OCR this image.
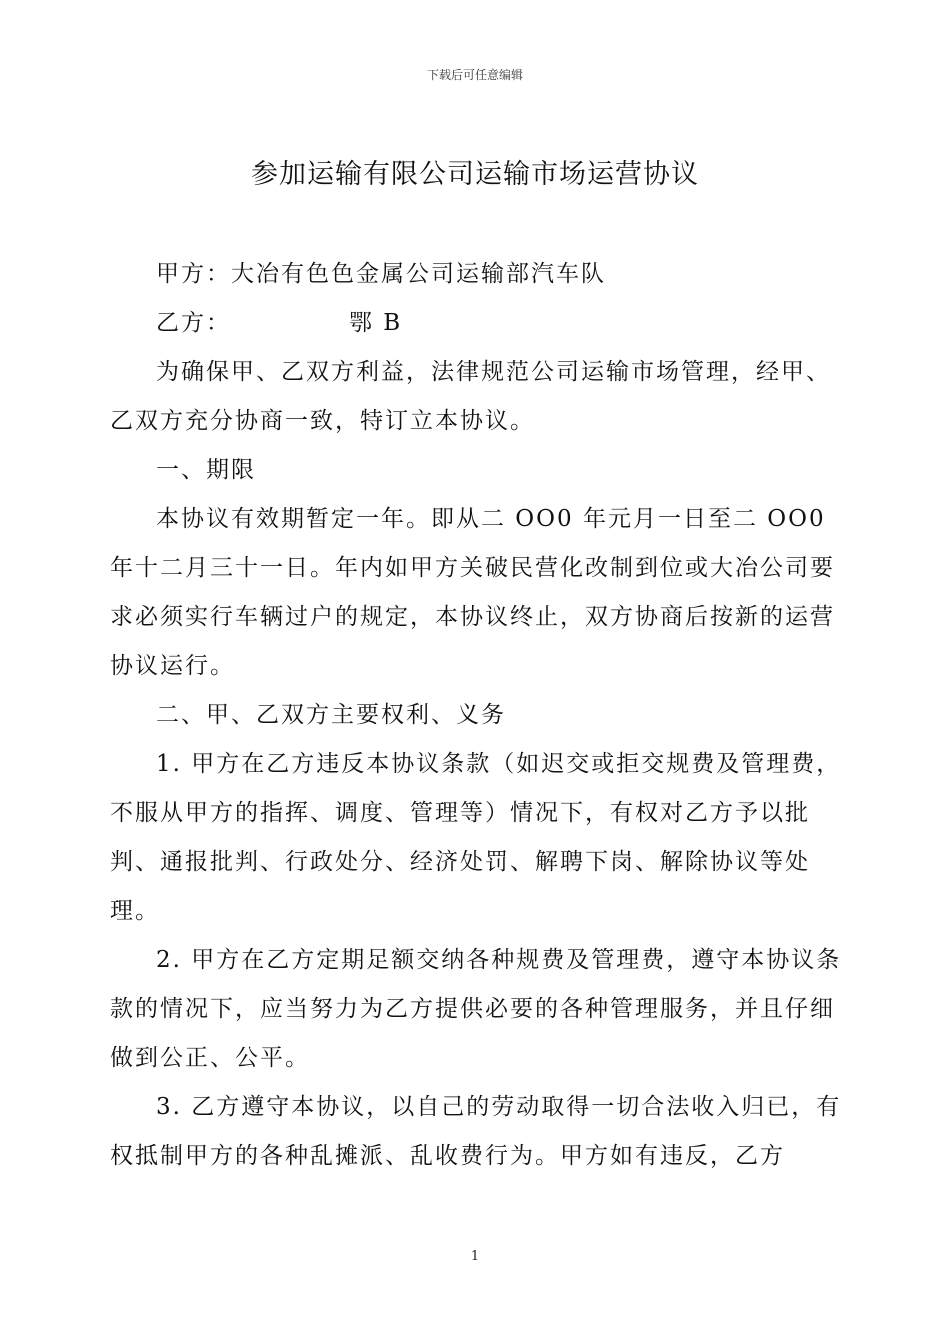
下载后可任意编辑
参加运输有限公司运输市场运营协议

甲方：大冶有色色金属公司运输部汽车队

乙方：	鄂 B

为确保甲、乙双方利益，法律规范公司运输市场管理，经甲、乙双方充分协商一致，特订立本协议。

一、期限

本协议有效期暂定一年。即从二 OO0 年元月一日至二 OO0 年十二月三十一日。年内如甲方关破民营化改制到位或大冶公司要求必须实行车辆过户的规定，本协议终止，双方协商后按新的运营协议运行。

二、甲、乙双方主要权利、义务

1. 甲方在乙方违反本协议条款（如迟交或拒交规费及管理费，不服从甲方的指挥、调度、管理等）情况下，有权对乙方予以批判、通报批判、行政处分、经济处罚、解聘下岗、解除协议等处理。

2. 甲方在乙方定期足额交纳各种规费及管理费，遵守本协议条款的情况下，应当努力为乙方提供必要的各种管理服务，并且仔细做到公正、公平。

3. 乙方遵守本协议，以自己的劳动取得一切合法收入归已，有权抵制甲方的各种乱摊派、乱收费行为。甲方如有违反，乙方

1
